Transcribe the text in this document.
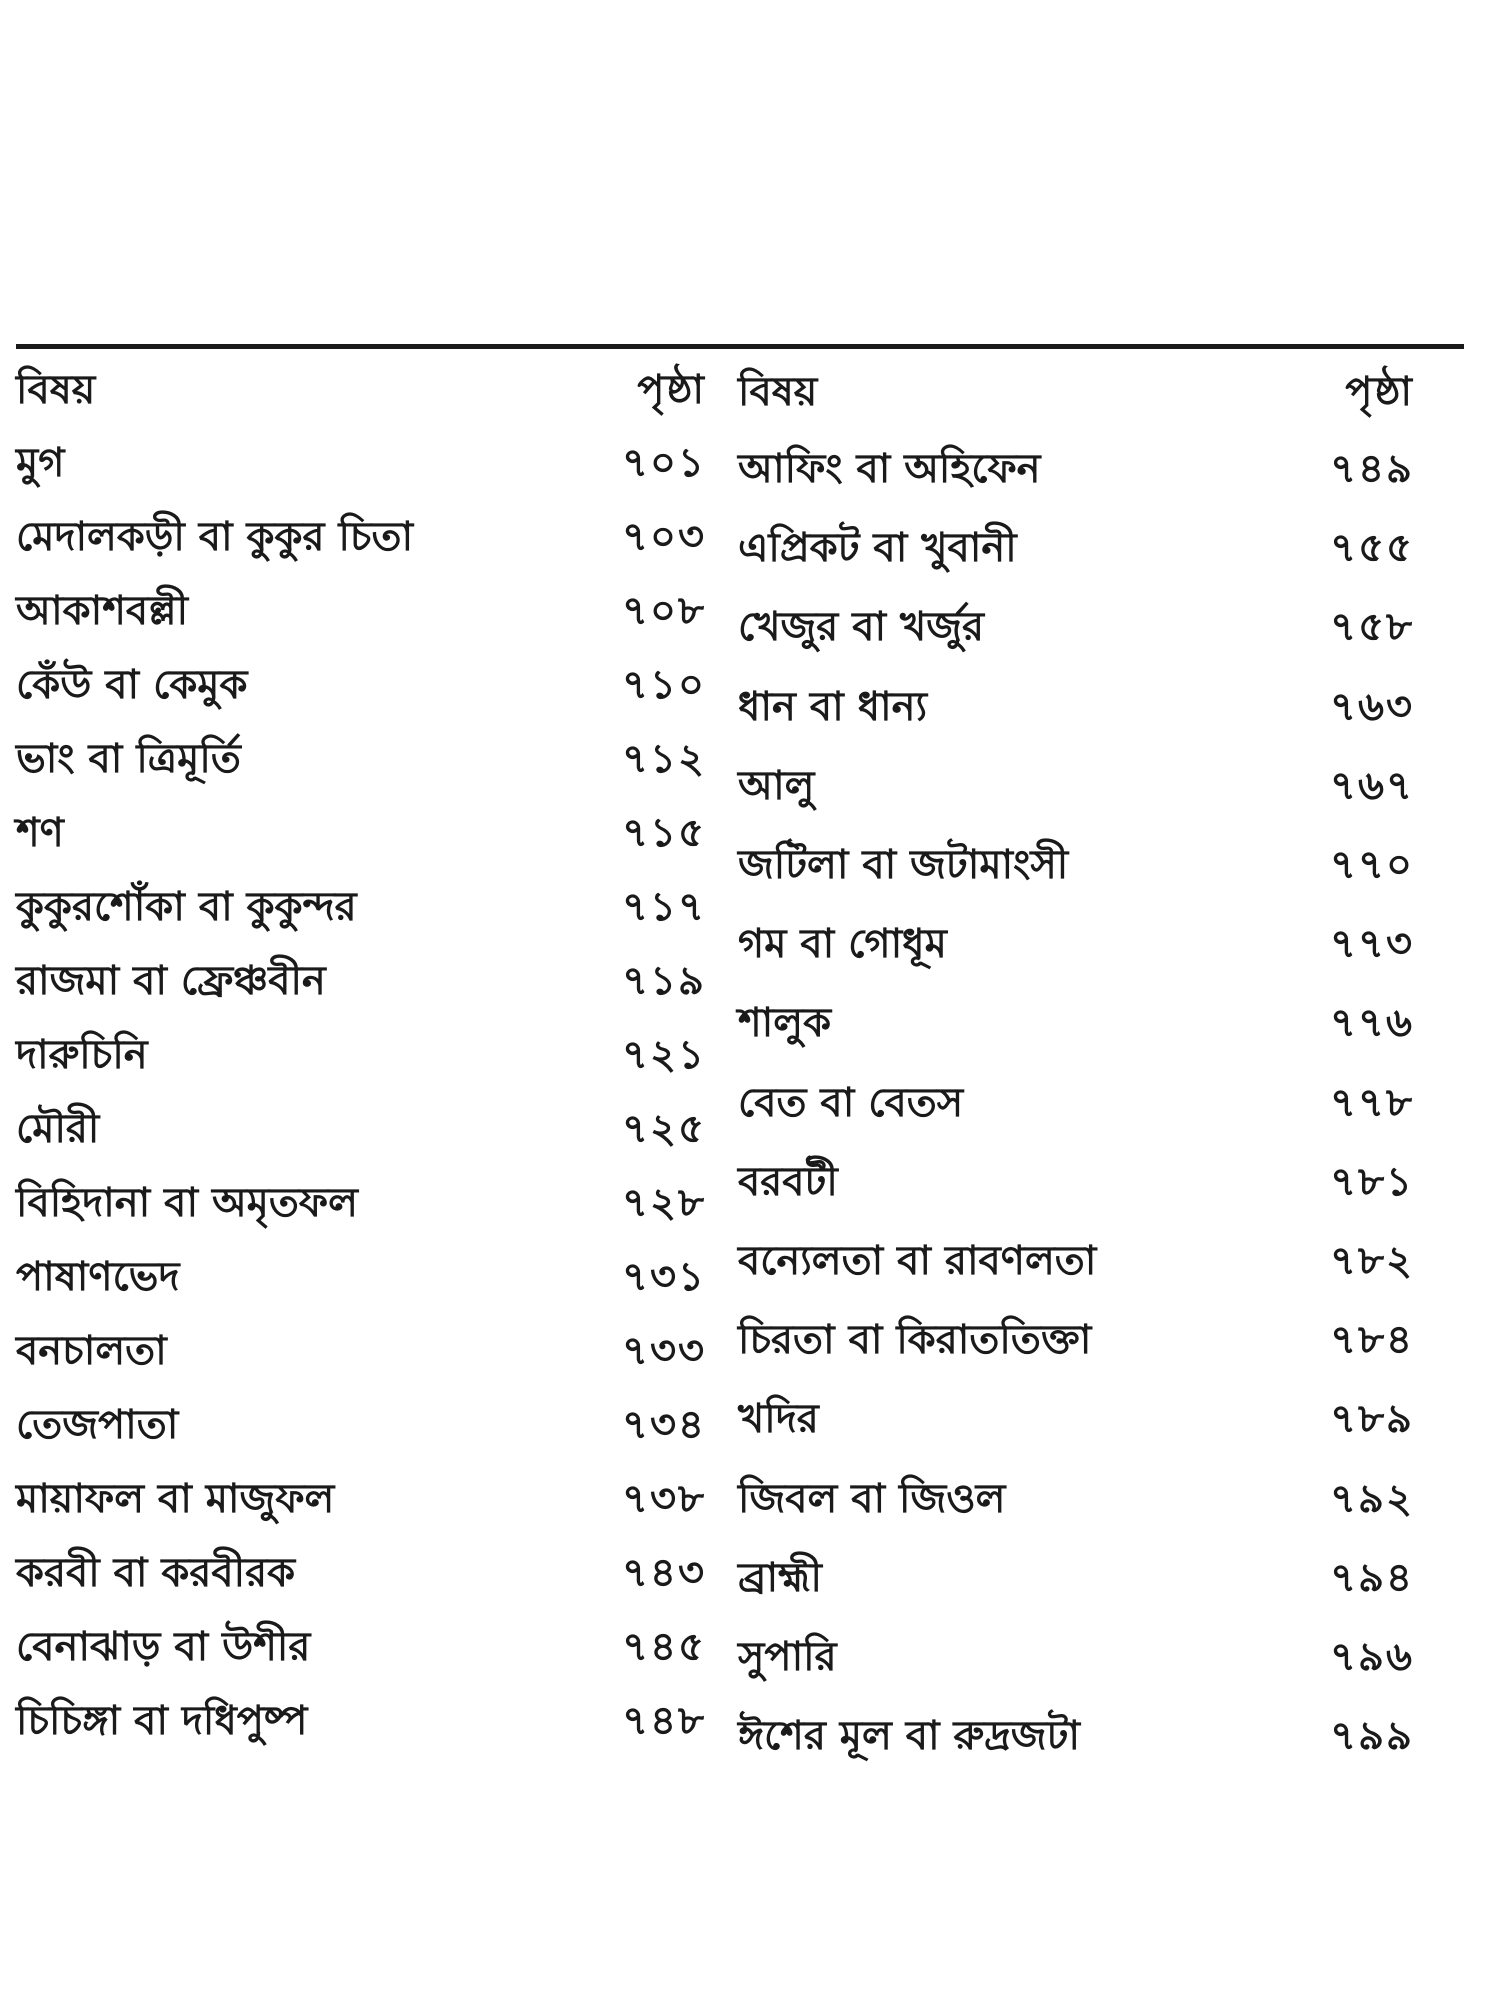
বিষয়	পৃষ্ঠা
মুগ	৭০১
মেদালকড়ী বা কুকুর চিতা	৭০৩
আকাশবল্লী	৭০৮
কেঁউ বা কেমুক	৭১০
ভাং বা ত্রিমূর্তি	৭১২
শণ	৭১৫
কুকুরশোঁকা বা কুকুন্দর	৭১৭
রাজমা বা ফ্রেঞ্চবীন	৭১৯
দারুচিনি	৭২১
মৌরী	৭২৫
বিহিদানা বা অমৃতফল	৭২৮
পাষাণভেদ	৭৩১
বনচালতা	৭৩৩
তেজপাতা	৭৩৪
মায়াফল বা মাজুফল	৭৩৮
করবী বা করবীরক	৭৪৩
বেনাঝাড় বা উশীর	৭৪৫
চিচিঙ্গা বা দধিপুষ্প	৭৪৮
বিষয়	পৃষ্ঠা
আফিং বা অহিফেন	৭৪৯
এপ্রিকট বা খুবানী	৭৫৫
খেজুর বা খর্জুর	৭৫৮
ধান বা ধান্য	৭৬৩
আলু	৭৬৭
জটিলা বা জটামাংসী	৭৭০
গম বা গোধূম	৭৭৩
শালুক	৭৭৬
বেত বা বেতস	৭৭৮
বরবটী	৭৮১
বন্যেলতা বা রাবণলতা	৭৮২
চিরতা বা কিরাততিক্তা	৭৮৪
খদির	৭৮৯
জিবল বা জিওল	৭৯২
ব্রাহ্মী	৭৯৪
সুপারি	৭৯৬
ঈশের মূল বা রুদ্রজটা	৭৯৯
